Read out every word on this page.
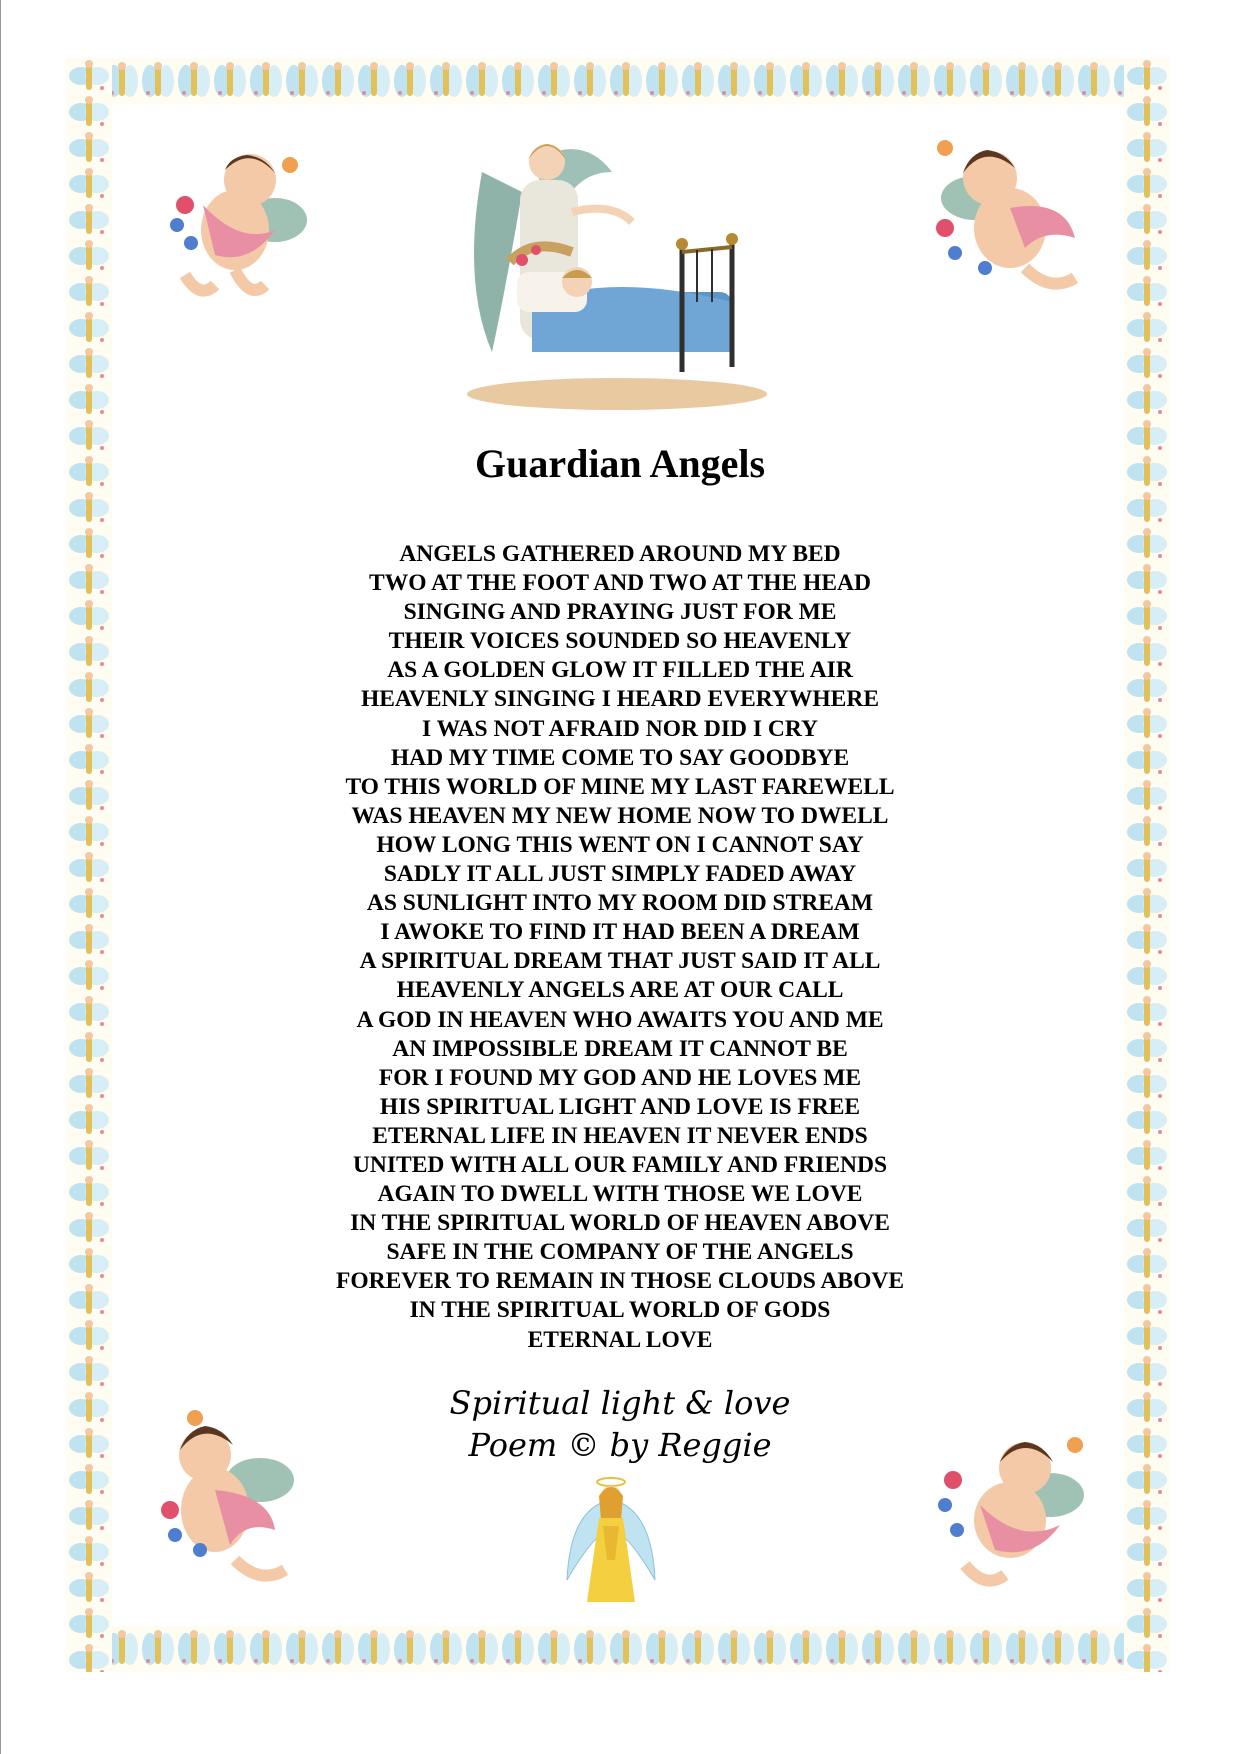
Guardian Angels
ANGELS GATHERED AROUND MY BED
TWO AT THE FOOT AND TWO AT THE HEAD
SINGING AND PRAYING JUST FOR ME
THEIR VOICES SOUNDED SO HEAVENLY
AS A GOLDEN GLOW IT FILLED THE AIR
HEAVENLY SINGING I HEARD EVERYWHERE
I WAS NOT AFRAID NOR DID I CRY
HAD MY TIME COME TO SAY GOODBYE
TO THIS WORLD OF MINE MY LAST FAREWELL
WAS HEAVEN MY NEW HOME NOW TO DWELL
HOW LONG THIS WENT ON I CANNOT SAY
SADLY IT ALL JUST SIMPLY FADED AWAY
AS SUNLIGHT INTO MY ROOM DID STREAM
I AWOKE TO FIND IT HAD BEEN A DREAM
A SPIRITUAL DREAM THAT JUST SAID IT ALL
HEAVENLY ANGELS ARE AT OUR CALL
A GOD IN HEAVEN WHO AWAITS YOU AND ME
AN IMPOSSIBLE DREAM IT CANNOT BE
FOR I FOUND MY GOD AND HE LOVES ME
HIS SPIRITUAL LIGHT AND LOVE IS FREE
ETERNAL LIFE IN HEAVEN IT NEVER ENDS
UNITED WITH ALL OUR FAMILY AND FRIENDS
AGAIN TO DWELL WITH THOSE WE LOVE
IN THE SPIRITUAL WORLD OF HEAVEN ABOVE
SAFE IN THE COMPANY OF THE ANGELS
FOREVER TO REMAIN IN THOSE CLOUDS ABOVE
IN THE SPIRITUAL WORLD OF GODS
ETERNAL LOVE
Spiritual light & love
Poem © by Reggie
